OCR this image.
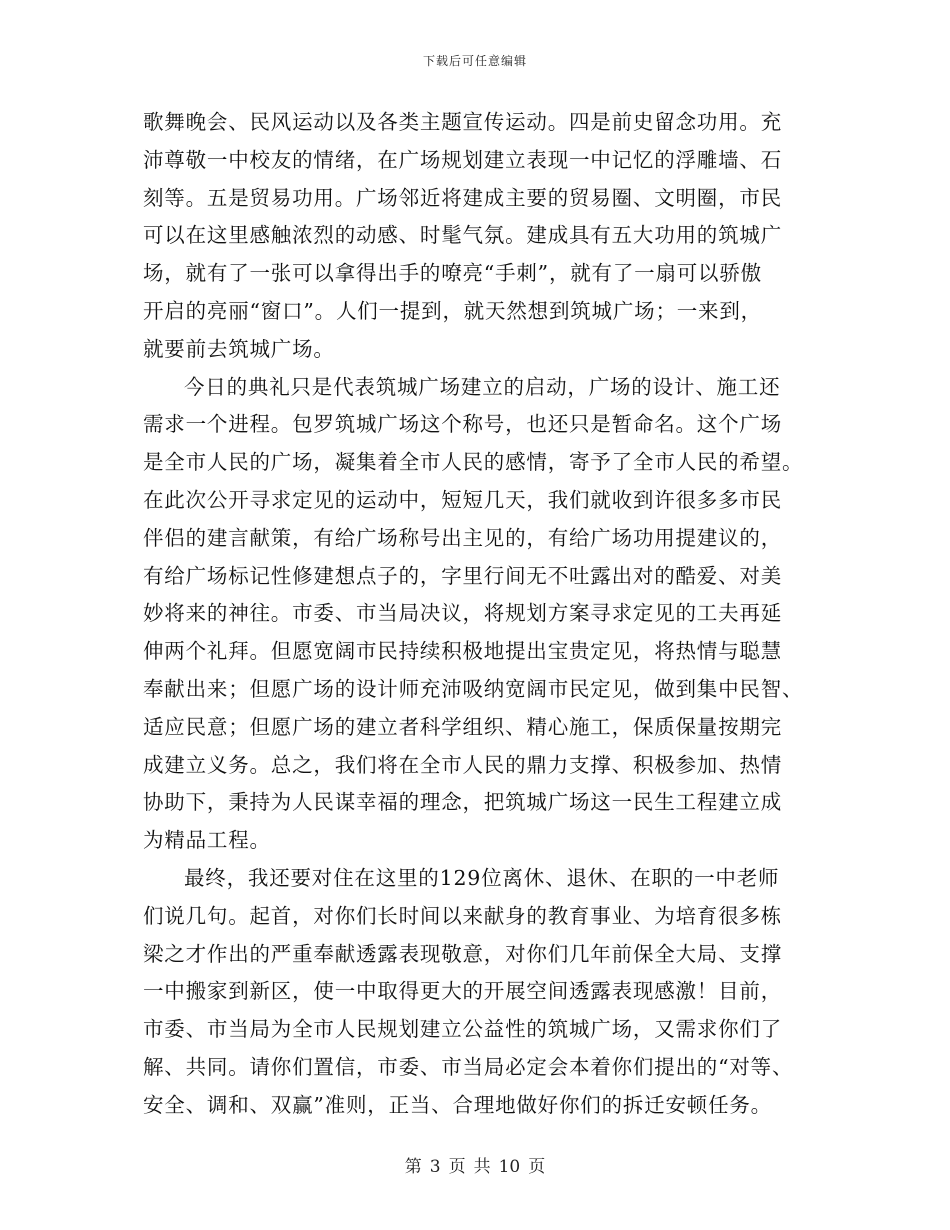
下载后可任意编辑
歌舞晚会、民风运动以及各类主题宣传运动。四是前史留念功用。充
沛尊敬一中校友的情绪，在广场规划建立表现一中记忆的浮雕墙、石
刻等。五是贸易功用。广场邻近将建成主要的贸易圈、文明圈，市民
可以在这里感触浓烈的动感、时髦气氛。建成具有五大功用的筑城广
场，就有了一张可以拿得出手的嘹亮“手刺”，就有了一扇可以骄傲
开启的亮丽“窗口”。人们一提到，就天然想到筑城广场；一来到，
就要前去筑城广场。
今日的典礼只是代表筑城广场建立的启动，广场的设计、施工还
需求一个进程。包罗筑城广场这个称号，也还只是暂命名。这个广场
是全市人民的广场，凝集着全市人民的感情，寄予了全市人民的希望。
在此次公开寻求定见的运动中，短短几天，我们就收到许很多多市民
伴侣的建言献策，有给广场称号出主见的，有给广场功用提建议的，
有给广场标记性修建想点子的，字里行间无不吐露出对的酷爱、对美
妙将来的神往。市委、市当局决议，将规划方案寻求定见的工夫再延
伸两个礼拜。但愿宽阔市民持续积极地提出宝贵定见，将热情与聪慧
奉献出来；但愿广场的设计师充沛吸纳宽阔市民定见，做到集中民智、
适应民意；但愿广场的建立者科学组织、精心施工，保质保量按期完
成建立义务。总之，我们将在全市人民的鼎力支撑、积极参加、热情
协助下，秉持为人民谋幸福的理念，把筑城广场这一民生工程建立成
为精品工程。
最终，我还要对住在这里的129位离休、退休、在职的一中老师
们说几句。起首，对你们长时间以来献身的教育事业、为培育很多栋
梁之才作出的严重奉献透露表现敬意，对你们几年前保全大局、支撑
一中搬家到新区，使一中取得更大的开展空间透露表现感激！目前，
市委、市当局为全市人民规划建立公益性的筑城广场，又需求你们了
解、共同。请你们置信，市委、市当局必定会本着你们提出的“对等、
安全、调和、双赢”准则，正当、合理地做好你们的拆迁安顿任务。
第 3 页 共 10 页
